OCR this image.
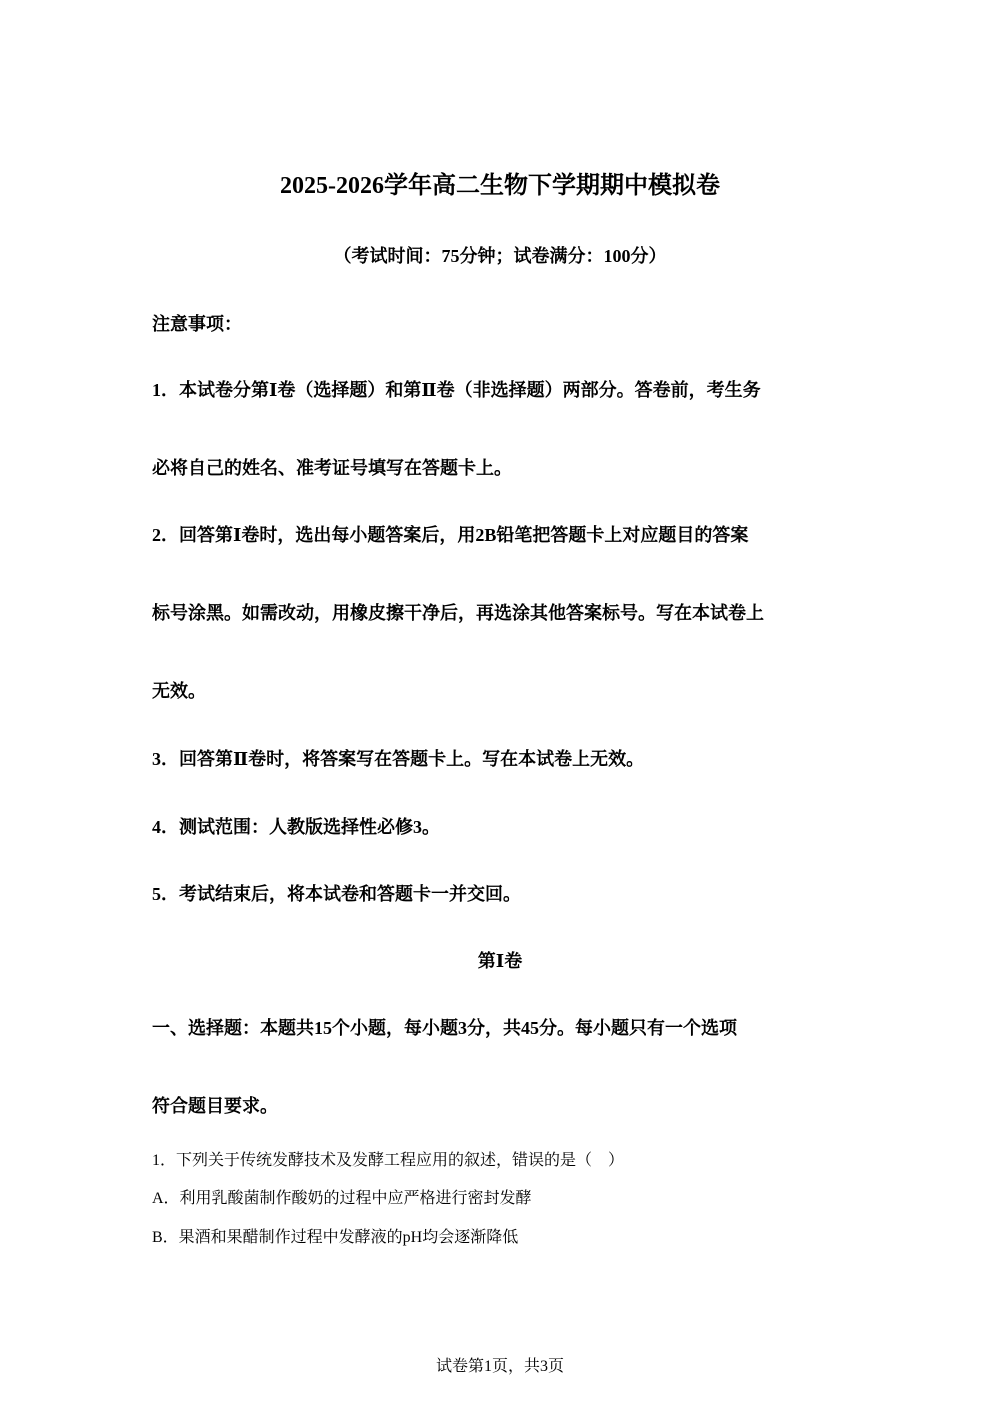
2025-2026学年高二生物下学期期中模拟卷
（考试时间：75分钟；试卷满分：100分）
注意事项：
1．本试卷分第Ⅰ卷（选择题）和第Ⅱ卷（非选择题）两部分。答卷前，考生务
必将自己的姓名、准考证号填写在答题卡上。
2．回答第Ⅰ卷时，选出每小题答案后，用2B铅笔把答题卡上对应题目的答案
标号涂黑。如需改动，用橡皮擦干净后，再选涂其他答案标号。写在本试卷上
无效。
3．回答第Ⅱ卷时，将答案写在答题卡上。写在本试卷上无效。
4．测试范围：人教版选择性必修3。
5．考试结束后，将本试卷和答题卡一并交回。
第Ⅰ卷
一、选择题：本题共15个小题，每小题3分，共45分。每小题只有一个选项
符合题目要求。
1．下列关于传统发酵技术及发酵工程应用的叙述，错误的是（　）
A．利用乳酸菌制作酸奶的过程中应严格进行密封发酵
B．果酒和果醋制作过程中发酵液的pH均会逐渐降低
试卷第1页，共3页
